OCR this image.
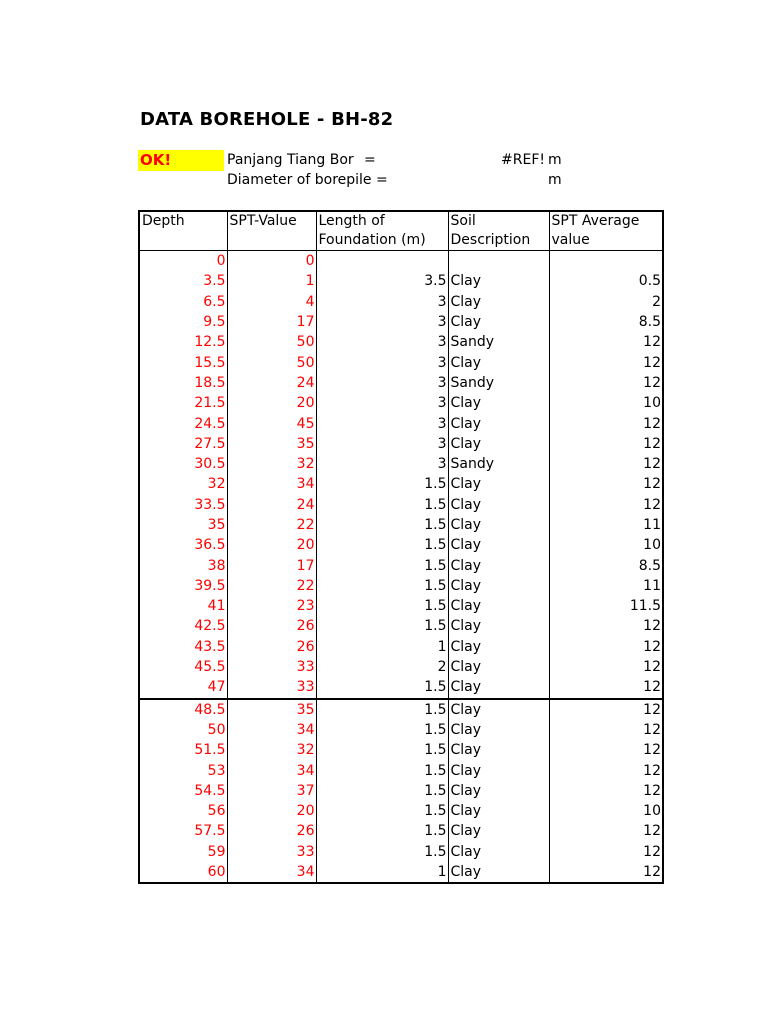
DATA BOREHOLE - BH-82
OK!	Panjang Tiang Bor =	#REF! m
Diameter of borepile =	m
Depth	SPT-Value	Length of Foundation (m)	Soil Description	SPT Average value
0	0			
3.5	1	3.5	Clay	0.5
6.5	4	3	Clay	2
9.5	17	3	Clay	8.5
12.5	50	3	Sandy	12
15.5	50	3	Clay	12
18.5	24	3	Sandy	12
21.5	20	3	Clay	10
24.5	45	3	Clay	12
27.5	35	3	Clay	12
30.5	32	3	Sandy	12
32	34	1.5	Clay	12
33.5	24	1.5	Clay	12
35	22	1.5	Clay	11
36.5	20	1.5	Clay	10
38	17	1.5	Clay	8.5
39.5	22	1.5	Clay	11
41	23	1.5	Clay	11.5
42.5	26	1.5	Clay	12
43.5	26	1	Clay	12
45.5	33	2	Clay	12
47	33	1.5	Clay	12
48.5	35	1.5	Clay	12
50	34	1.5	Clay	12
51.5	32	1.5	Clay	12
53	34	1.5	Clay	12
54.5	37	1.5	Clay	12
56	20	1.5	Clay	10
57.5	26	1.5	Clay	12
59	33	1.5	Clay	12
60	34	1	Clay	12
